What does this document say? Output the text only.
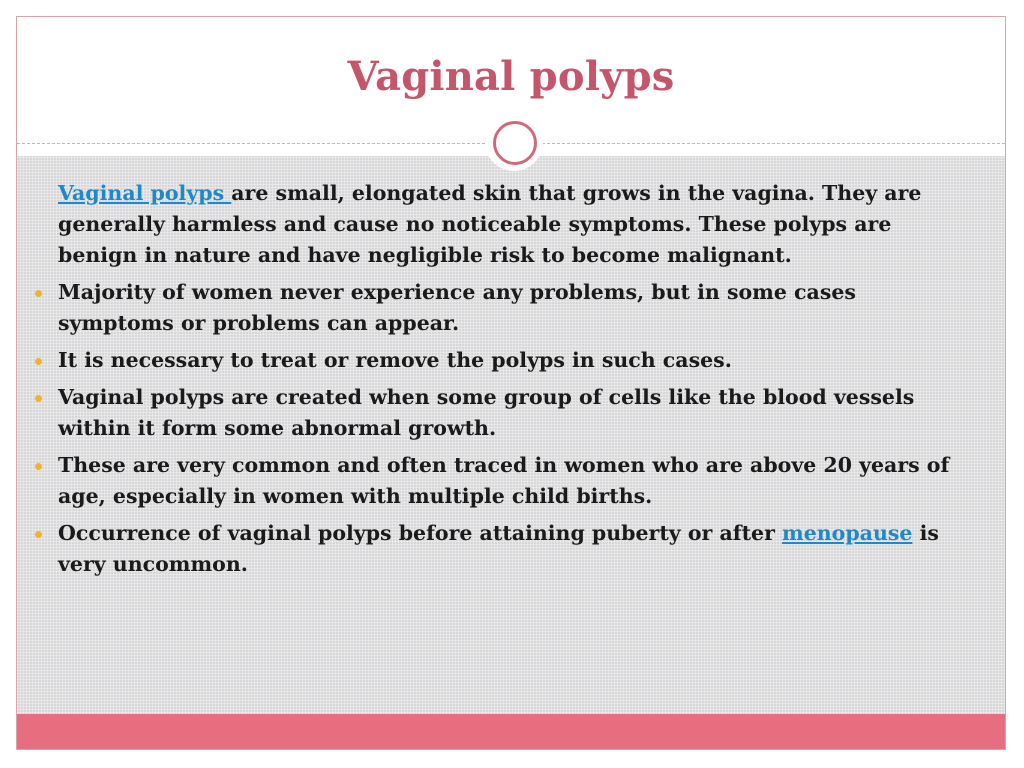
Vaginal polyps
Vaginal polyps are small, elongated skin that grows in the vagina. They are generally harmless and cause no noticeable symptoms. These polyps are benign in nature and have negligible risk to become malignant.
Majority of women never experience any problems, but in some cases symptoms or problems can appear.
It is necessary to treat or remove the polyps in such cases.
Vaginal polyps are created when some group of cells like the blood vessels within it form some abnormal growth.
These are very common and often traced in women who are above 20 years of age, especially in women with multiple child births.
Occurrence of vaginal polyps before attaining puberty or after menopause is very uncommon.
